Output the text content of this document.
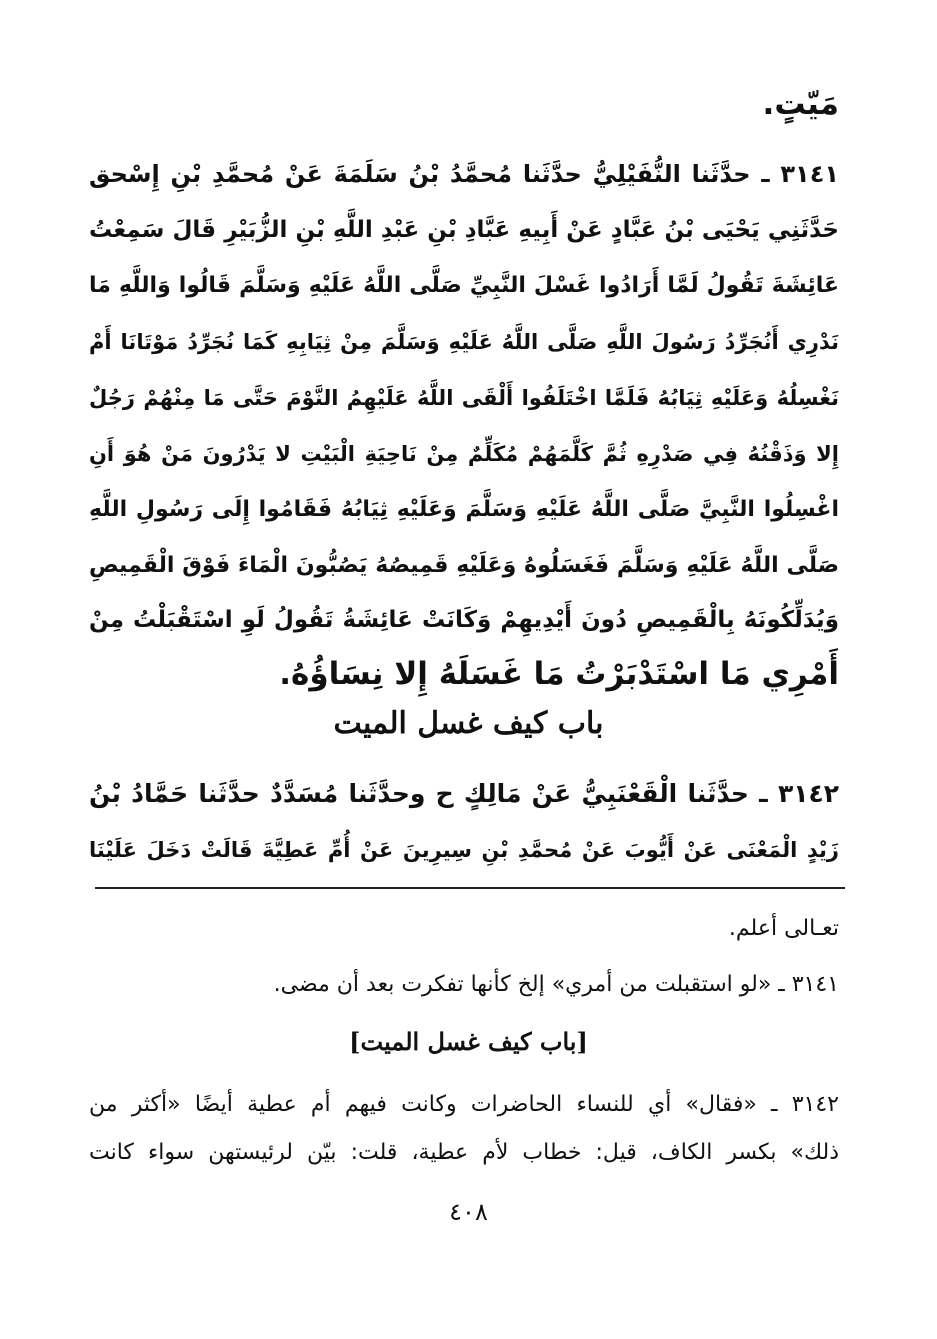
مَيّتٍ.
٣١٤١ ـ حدَّثَنا النُّفَيْلِيُّ حدَّثَنا مُحمَّدُ بْنُ سَلَمَةَ عَنْ مُحمَّدِ بْنِ إِسْحق
حَدَّثَنِي يَحْيَى بْنُ عَبَّادٍ عَنْ أَبِيهِ عَبَّادِ بْنِ عَبْدِ اللَّهِ بْنِ الزُّبَيْرِ قَالَ سَمِعْتُ
عَائِشَةَ تَقُولُ لَمَّا أَرَادُوا غَسْلَ النَّبِيِّ صَلَّى اللَّهُ عَلَيْهِ وَسَلَّمَ قَالُوا وَاللَّهِ مَا
نَدْرِي أَنُجَرِّدُ رَسُولَ اللَّهِ صَلَّى اللَّهُ عَلَيْهِ وَسَلَّمَ مِنْ ثِيَابِهِ كَمَا نُجَرِّدُ مَوْتَانَا أَمْ
نَغْسِلُهُ وَعَلَيْهِ ثِيَابُهُ فَلَمَّا اخْتَلَفُوا أَلْقَى اللَّهُ عَلَيْهِمُ النَّوْمَ حَتَّى مَا مِنْهُمْ رَجُلٌ
إِلا وَذَقْنُهُ فِي صَدْرِهِ ثُمَّ كَلَّمَهُمْ مُكَلِّمٌ مِنْ نَاحِيَةِ الْبَيْتِ لا يَدْرُونَ مَنْ هُوَ أَنِ
اغْسِلُوا النَّبِيَّ صَلَّى اللَّهُ عَلَيْهِ وَسَلَّمَ وَعَلَيْهِ ثِيَابُهُ فَقَامُوا إِلَى رَسُولِ اللَّهِ
صَلَّى اللَّهُ عَلَيْهِ وَسَلَّمَ فَغَسَلُوهُ وَعَلَيْهِ قَمِيصُهُ يَصُبُّونَ الْمَاءَ فَوْقَ الْقَمِيصِ
وَيُدَلِّكُونَهُ بِالْقَمِيصِ دُونَ أَيْدِيهِمْ وَكَانَتْ عَائِشَةُ تَقُولُ لَوِ اسْتَقْبَلْتُ مِنْ
أَمْرِي مَا اسْتَدْبَرْتُ مَا غَسَلَهُ إِلا نِسَاؤُهُ.
باب كيف غسل الميت
٣١٤٢ ـ حدَّثَنا الْقَعْنَبِيُّ عَنْ مَالِكٍ ح وحدَّثَنا مُسَدَّدٌ حدَّثَنا حَمَّادُ بْنُ
زَيْدٍ الْمَعْنَى عَنْ أَيُّوبَ عَنْ مُحمَّدِ بْنِ سِيرِينَ عَنْ أُمِّ عَطِيَّةَ قَالَتْ دَخَلَ عَلَيْنَا
تعـالى أعلم.
٣١٤١ ـ «لو استقبلت من أمري» إلخ كأنها تفكرت بعد أن مضى.
[باب كيف غسل الميت]
٣١٤٢ ـ «فقال» أي للنساء الحاضرات وكانت فيهم أم عطية أيضًا «أكثر من
ذلك» بكسر الكاف، قيل: خطاب لأم عطية، قلت: بيّن لرئيستهن سواء كانت
٤٠٨
